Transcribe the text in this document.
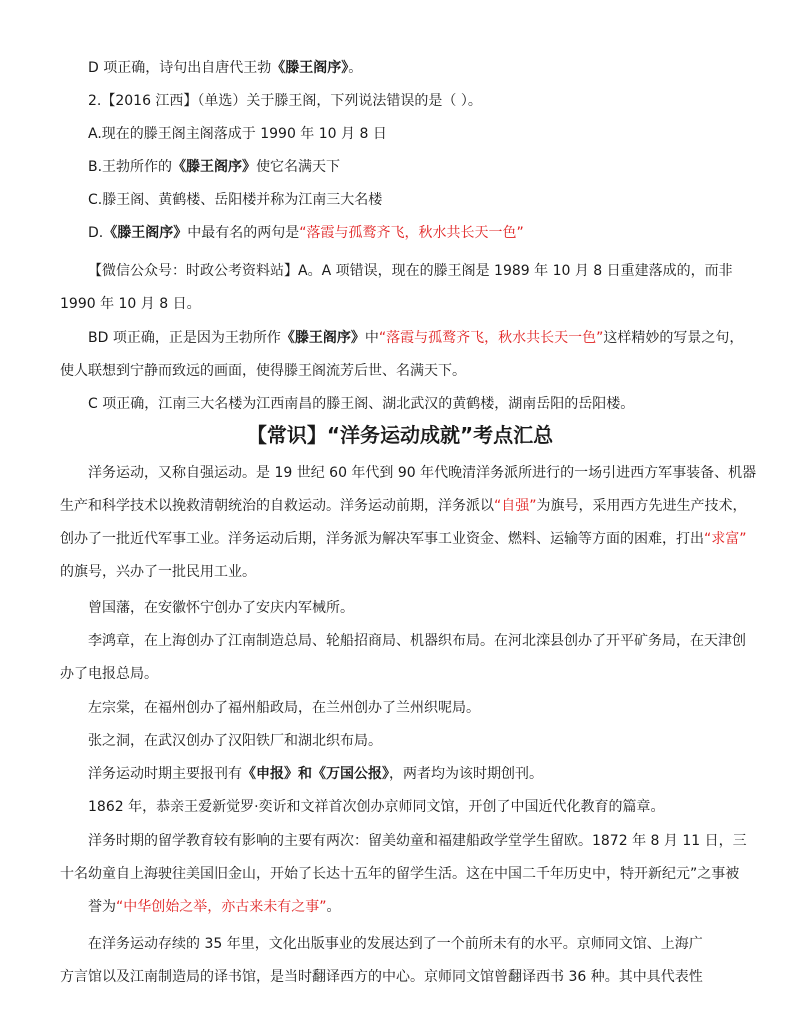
D 项正确，诗句出自唐代王勃《滕王阁序》。

2.【2016 江西】（单选）关于滕王阁，下列说法错误的是（ ）。

A.现在的滕王阁主阁落成于 1990 年 10 月 8 日

B.王勃所作的《滕王阁序》使它名满天下

C.滕王阁、黄鹤楼、岳阳楼并称为江南三大名楼

D.《滕王阁序》中最有名的两句是“落霞与孤鹜齐飞，秋水共长天一色”

【微信公众号：时政公考资料站】A。A 项错误，现在的滕王阁是 1989 年 10 月 8 日重建落成的，而非

1990 年 10 月 8 日。

BD 项正确，正是因为王勃所作《滕王阁序》中“落霞与孤鹜齐飞，秋水共长天一色”这样精妙的写景之句，

使人联想到宁静而致远的画面，使得滕王阁流芳后世、名满天下。

C 项正确，江南三大名楼为江西南昌的滕王阁、湖北武汉的黄鹤楼，湖南岳阳的岳阳楼。

【常识】“洋务运动成就”考点汇总

洋务运动，又称自强运动。是 19 世纪 60 年代到 90 年代晚清洋务派所进行的一场引进西方军事装备、机器

生产和科学技术以挽救清朝统治的自救运动。洋务运动前期，洋务派以“自强”为旗号，采用西方先进生产技术，

创办了一批近代军事工业。洋务运动后期，洋务派为解决军事工业资金、燃料、运输等方面的困难，打出“求富”

的旗号，兴办了一批民用工业。

曾国藩，在安徽怀宁创办了安庆内军械所。

李鸿章，在上海创办了江南制造总局、轮船招商局、机器织布局。在河北滦县创办了开平矿务局，在天津创

办了电报总局。

左宗棠，在福州创办了福州船政局，在兰州创办了兰州织呢局。

张之洞，在武汉创办了汉阳铁厂和湖北织布局。

洋务运动时期主要报刊有《申报》和《万国公报》，两者均为该时期创刊。

1862 年，恭亲王爱新觉罗·奕䜣和文祥首次创办京师同文馆，开创了中国近代化教育的篇章。

洋务时期的留学教育较有影响的主要有两次：留美幼童和福建船政学堂学生留欧。1872 年 8 月 11 日，三

十名幼童自上海驶往美国旧金山，开始了长达十五年的留学生活。这在中国二千年历史中，特开新纪元”之事被

誉为“中华创始之举，亦古来未有之事”。

在洋务运动存续的 35 年里，文化出版事业的发展达到了一个前所未有的水平。京师同文馆、上海广

方言馆以及江南制造局的译书馆，是当时翻译西方的中心。京师同文馆曾翻译西书 36 种。其中具代表性
